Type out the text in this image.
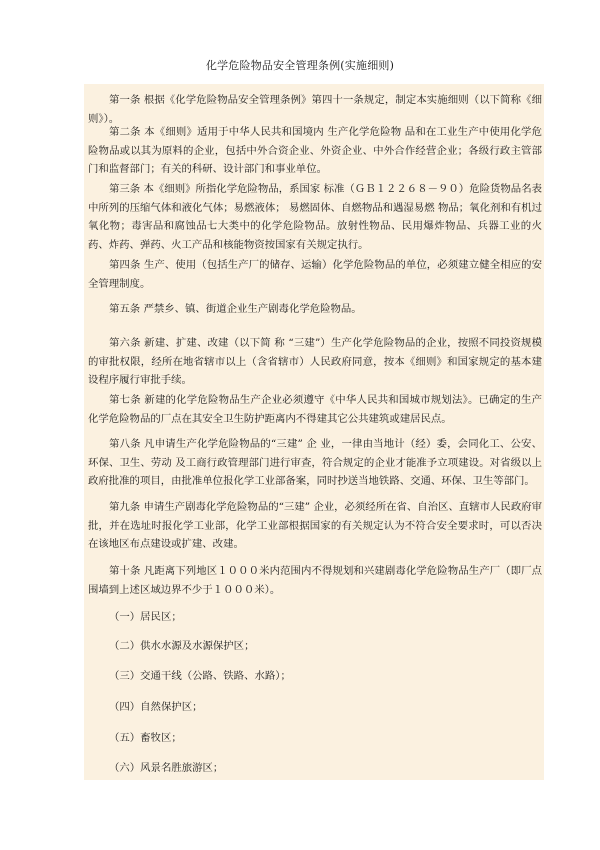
化学危险物品安全管理条例(实施细则)

第一条 根据《化学危险物品安全管理条例》第四十一条规定，制定本实施细则（以下简称《细则》）。

第二条 本《细则》适用于中华人民共和国境内 生产化学危险物 品和在工业生产中使用化学危险物品或以其为原料的企业，包括中外合资企业、外资企业、中外合作经营企业；各级行政主管部门和监督部门；有关的科研、设计部门和事业单位。

第三条 本《细则》所指化学危险物品，系国家 标准（ＧＢ１２２６８－９０）危险货物品名表中所列的压缩气体和液化气体；易燃液体； 易燃固体、自燃物品和遇湿易燃 物品；氧化剂和有机过氧化物；毒害品和腐蚀品七大类中的化学危险物品。放射性物品、民用爆炸物品、兵器工业的火药、炸药、弹药、火工产品和核能物资按国家有关规定执行。

第四条 生产、使用（包括生产厂的储存、运输）化学危险物品的单位，必须建立健全相应的安全管理制度。

第五条 严禁乡、镇、街道企业生产剧毒化学危险物品。

第六条 新建、扩建、改建（以下简 称 “三建”）生产化学危险物品的企业，按照不同投资规模的审批权限，经所在地省辖市以上（含省辖市）人民政府同意，按本《细则》和国家规定的基本建设程序履行审批手续。

第七条 新建的化学危险物品生产企业必须遵守《中华人民共和国城市规划法》。已确定的生产化学危险物品的厂点在其安全卫生防护距离内不得建其它公共建筑或建居民点。

第八条 凡申请生产化学危险物品的“三建” 企 业，一律由当地计（经）委，会同化工、公安、环保、卫生、劳动 及工商行政管理部门进行审查，符合规定的企业才能准予立项建设。对省级以上政府批准的项目，由批准单位报化学工业部备案，同时抄送当地铁路、交通、环保、卫生等部门。

第九条 申请生产剧毒化学危险物品的“三建” 企业，必须经所在省、自治区、直辖市人民政府审批，并在选址时报化学工业部，化学工业部根据国家的有关规定认为不符合安全要求时，可以否决在该地区布点建设或扩建、改建。

第十条 凡距离下列地区１０００米内范围内不得规划和兴建剧毒化学危险物品生产厂（即厂点围墙到上述区域边界不少于１０００米）。

（一）居民区；

（二）供水水源及水源保护区；

（三）交通干线（公路、铁路、水路）；

（四）自然保护区；

（五）畜牧区；

（六）风景名胜旅游区；
